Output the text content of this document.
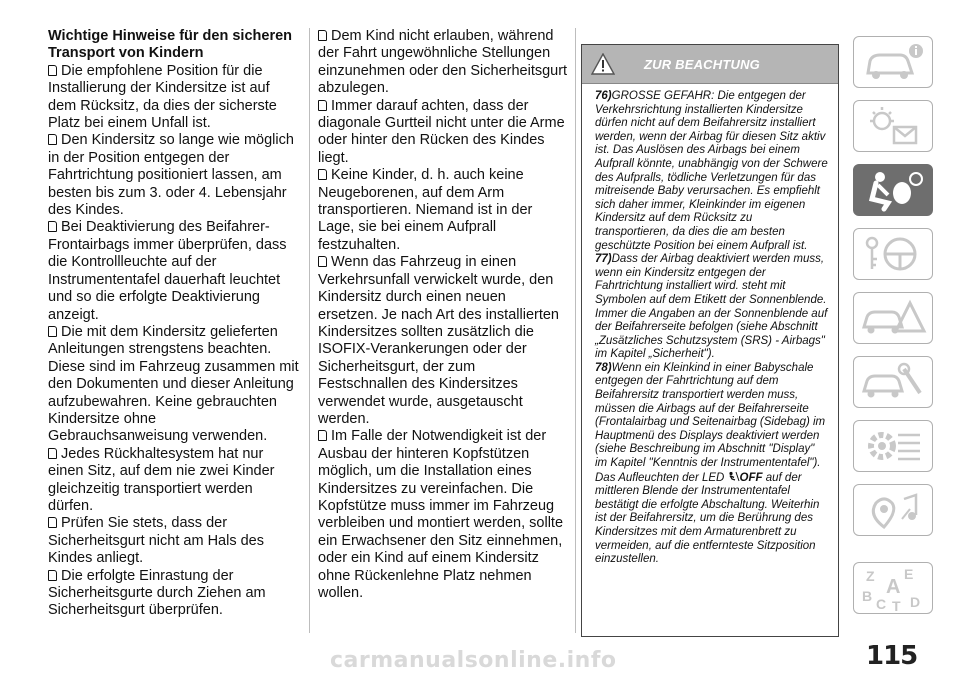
Wichtige Hinweise für den sicheren Transport von Kindern

Die empfohlene Position für die Installierung der Kindersitze ist auf dem Rücksitz, da dies der sicherste Platz bei einem Unfall ist.

Den Kindersitz so lange wie möglich in der Position entgegen der Fahrtrichtung positioniert lassen, am besten bis zum 3. oder 4. Lebensjahr des Kindes.

Bei Deaktivierung des Beifahrer-Frontairbags immer überprüfen, dass die Kontrollleuchte auf der Instrumententafel dauerhaft leuchtet und so die erfolgte Deaktivierung anzeigt.

Die mit dem Kindersitz gelieferten Anleitungen strengstens beachten. Diese sind im Fahrzeug zusammen mit den Dokumenten und dieser Anleitung aufzubewahren. Keine gebrauchten Kindersitze ohne Gebrauchsanweisung verwenden.

Jedes Rückhaltesystem hat nur einen Sitz, auf dem nie zwei Kinder gleichzeitig transportiert werden dürfen.

Prüfen Sie stets, dass der Sicherheitsgurt nicht am Hals des Kindes anliegt.

Die erfolgte Einrastung der Sicherheitsgurte durch Ziehen am Sicherheitsgurt überprüfen.

Dem Kind nicht erlauben, während der Fahrt ungewöhnliche Stellungen einzunehmen oder den Sicherheitsgurt abzulegen.

Immer darauf achten, dass der diagonale Gurtteil nicht unter die Arme oder hinter den Rücken des Kindes liegt.

Keine Kinder, d. h. auch keine Neugeborenen, auf dem Arm transportieren. Niemand ist in der Lage, sie bei einem Aufprall festzuhalten.

Wenn das Fahrzeug in einen Verkehrsunfall verwickelt wurde, den Kindersitz durch einen neuen ersetzen. Je nach Art des installierten Kindersitzes sollten zusätzlich die ISOFIX-Verankerungen oder der Sicherheitsgurt, der zum Festschnallen des Kindersitzes verwendet wurde, ausgetauscht werden.

Im Falle der Notwendigkeit ist der Ausbau der hinteren Kopfstützen möglich, um die Installation eines Kindersitzes zu vereinfachen. Die Kopfstütze muss immer im Fahrzeug verbleiben und montiert werden, sollte ein Erwachsener den Sitz einnehmen, oder ein Kind auf einem Kindersitz ohne Rückenlehne Platz nehmen wollen.

ZUR BEACHTUNG

76)GROSSE GEFAHR: Die entgegen der Verkehrsrichtung installierten Kindersitze dürfen nicht auf dem Beifahrersitz installiert werden, wenn der Airbag für diesen Sitz aktiv ist. Das Auslösen des Airbags bei einem Aufprall könnte, unabhängig von der Schwere des Aufpralls, tödliche Verletzungen für das mitreisende Baby verursachen. Es empfiehlt sich daher immer, Kleinkinder im eigenen Kindersitz auf dem Rücksitz zu transportieren, da dies die am besten geschützte Position bei einem Aufprall ist.

77)Dass der Airbag deaktiviert werden muss, wenn ein Kindersitz entgegen der Fahrtrichtung installiert wird. steht mit Symbolen auf dem Etikett der Sonnenblende. Immer die Angaben an der Sonnenblende auf der Beifahrerseite befolgen (siehe Abschnitt „Zusätzliches Schutzsystem (SRS) - Airbags" im Kapitel „Sicherheit").

78)Wenn ein Kleinkind in einer Babyschale entgegen der Fahrtrichtung auf dem Beifahrersitz transportiert werden muss, müssen die Airbags auf der Beifahrerseite (Frontalairbag und Seitenairbag (Sidebag) im Hauptmenü des Displays deaktiviert werden (siehe Beschreibung im Abschnitt "Display" im Kapitel "Kenntnis der Instrumententafel"). Das Aufleuchten der LED OFF auf der mittleren Blende der Instrumententafel bestätigt die erfolgte Abschaltung. Weiterhin ist der Beifahrersitz, um die Berührung des Kindersitzes mit dem Armaturenbrett zu vermeiden, auf die entfernteste Sitzposition einzustellen.

Z E
A
B C T D
115
carmanualsonline.info
